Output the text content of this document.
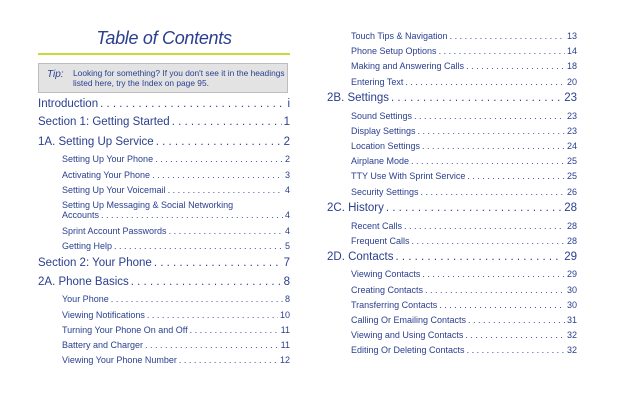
Table of Contents
Tip: Looking for something? If you don't see it in the headings listed here, try the Index on page 95.
Introduction . . .	i
Section 1: Getting Started . . .	1
1A. Setting Up Service . . .	2
Setting Up Your Phone . . .	2
Activating Your Phone . . .	3
Setting Up Your Voicemail . . .	4
Setting Up Messaging & Social Networking
Accounts . . .	4
Sprint Account Passwords . . .	4
Getting Help . . .	5
Section 2: Your Phone . . .	7
2A. Phone Basics . . .	8
Your Phone . . .	8
Viewing Notifications . . .	10
Turning Your Phone On and Off . . .	11
Battery and Charger . . .	11
Viewing Your Phone Number . . .	12
Touch Tips & Navigation . . .	13
Phone Setup Options . . .	14
Making and Answering Calls . . .	18
Entering Text . . .	20
2B. Settings . . .	23
Sound Settings . . .	23
Display Settings . . .	23
Location Settings . . .	24
Airplane Mode . . .	25
TTY Use With Sprint Service . . .	25
Security Settings . . .	26
2C. History . . .	28
Recent Calls . . .	28
Frequent Calls . . .	28
2D. Contacts . . .	29
Viewing Contacts . . .	29
Creating Contacts . . .	30
Transferring Contacts . . .	30
Calling Or Emailing Contacts . . .	31
Viewing and Using Contacts . . .	32
Editing Or Deleting Contacts . . .	32
